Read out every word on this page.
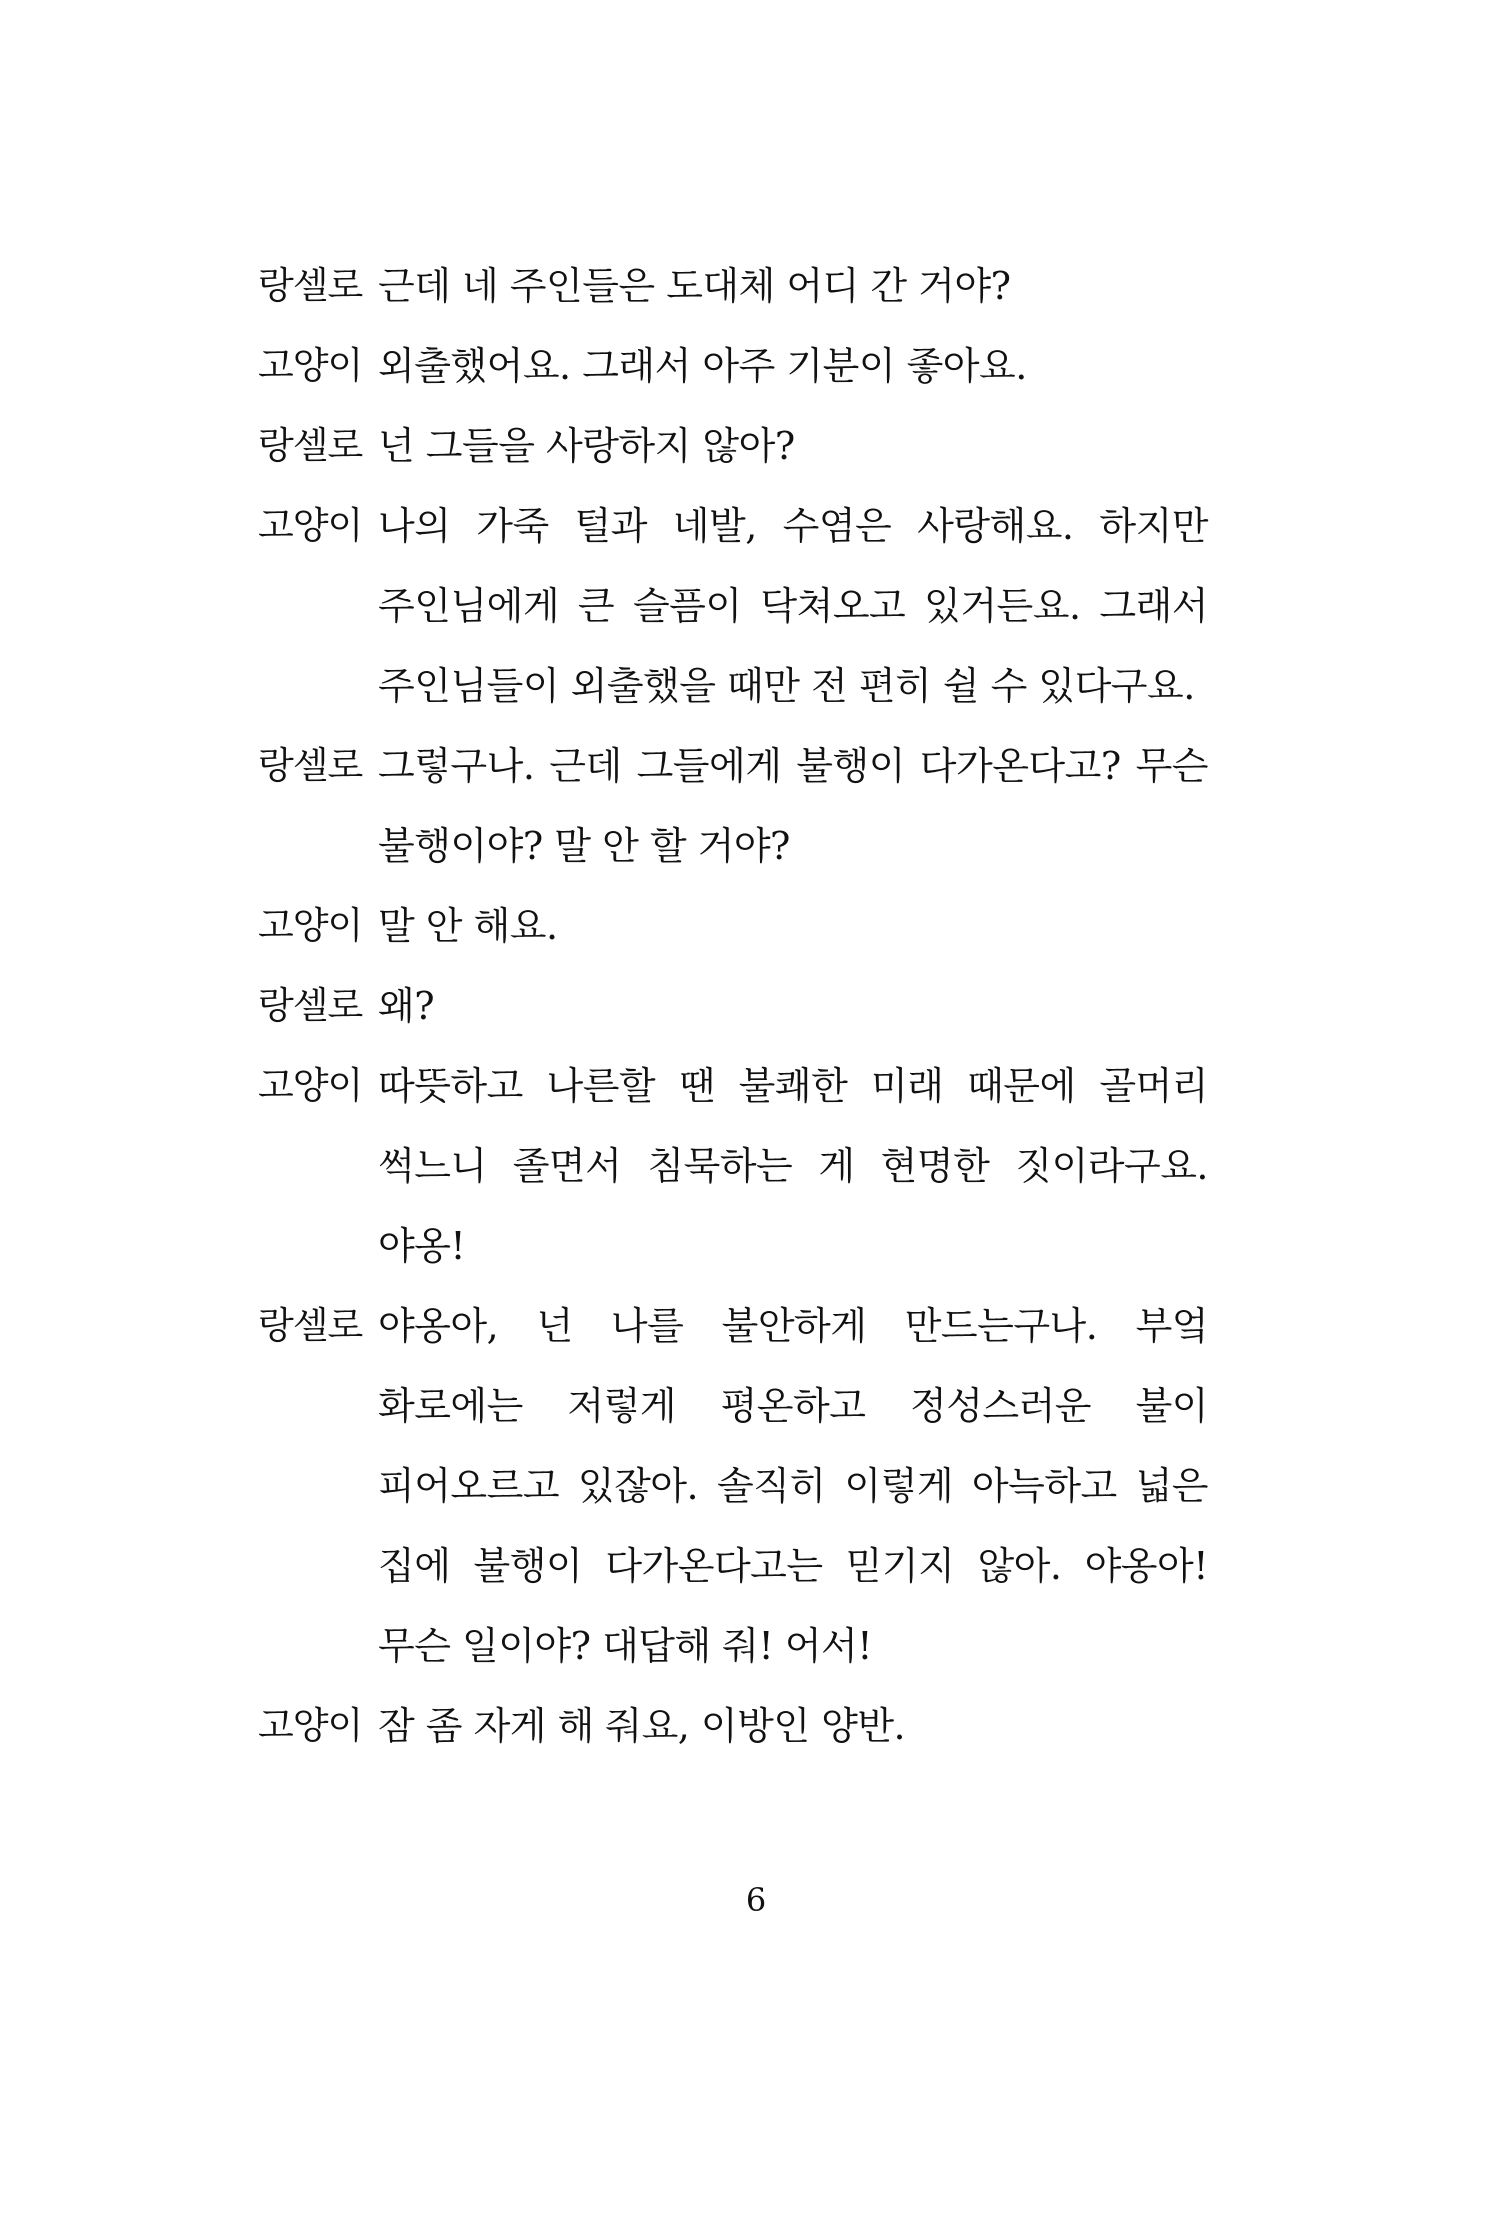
랑셀로 근데 네 주인들은 도대체 어디 간 거야?
고양이 외출했어요. 그래서 아주 기분이 좋아요.
랑셀로 넌 그들을 사랑하지 않아?
고양이 나의 가죽 털과 네발, 수염은 사랑해요. 하지만 주인님에게 큰 슬픔이 닥쳐오고 있거든요. 그래서 주인님들이 외출했을 때만 전 편히 쉴 수 있다구요.
랑셀로 그렇구나. 근데 그들에게 불행이 다가온다고? 무슨 불행이야? 말 안 할 거야?
고양이 말 안 해요.
랑셀로 왜?
고양이 따뜻하고 나른할 땐 불쾌한 미래 때문에 골머리 썩느니 졸면서 침묵하는 게 현명한 짓이라구요. 야옹!
랑셀로 야옹아, 넌 나를 불안하게 만드는구나. 부엌 화로에는 저렇게 평온하고 정성스러운 불이 피어오르고 있잖아. 솔직히 이렇게 아늑하고 넓은 집에 불행이 다가온다고는 믿기지 않아. 야옹아! 무슨 일이야? 대답해 줘! 어서!
고양이 잠 좀 자게 해 줘요, 이방인 양반.
6
